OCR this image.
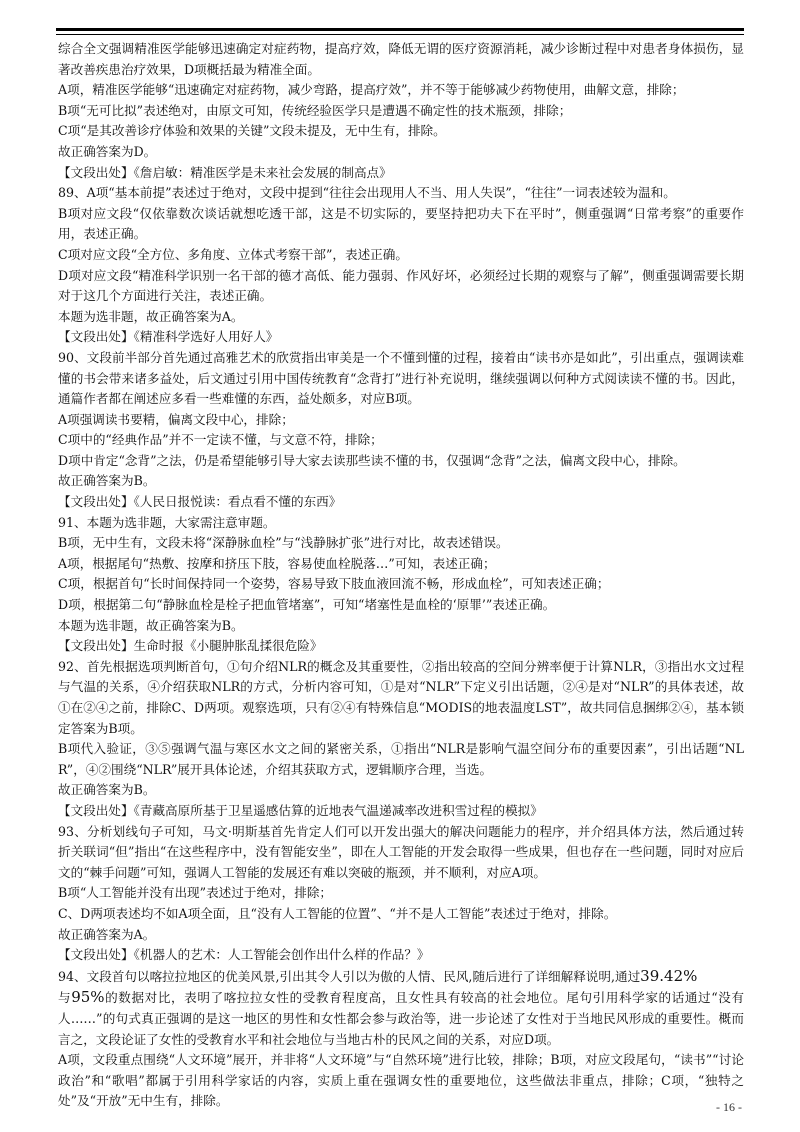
综合全文强调精准医学能够迅速确定对症药物，提高疗效，降低无谓的医疗资源消耗，减少诊断过程中对患者身体损伤，显著改善疾患治疗效果，D项概括最为精准全面。

A项，精准医学能够“迅速确定对症药物，减少弯路，提高疗效”，并不等于能够减少药物使用，曲解文意，排除；

B项“无可比拟”表述绝对，由原文可知，传统经验医学只是遭遇不确定性的技术瓶颈，排除；

C项“是其改善诊疗体验和效果的关键”文段未提及，无中生有，排除。

故正确答案为D。

【文段出处】《詹启敏：精准医学是未来社会发展的制高点》

89、A项“基本前提”表述过于绝对，文段中提到“往往会出现用人不当、用人失误”，“往往”一词表述较为温和。

B项对应文段“仅依靠数次谈话就想吃透干部，这是不切实际的，要坚持把功夫下在平时”，侧重强调“日常考察”的重要作用，表述正确。

C项对应文段“全方位、多角度、立体式考察干部”，表述正确。

D项对应文段“精准科学识别一名干部的德才高低、能力强弱、作风好坏，必须经过长期的观察与了解”，侧重强调需要长期对于这几个方面进行关注，表述正确。

本题为选非题，故正确答案为A。

【文段出处】《精准科学选好人用好人》

90、文段前半部分首先通过高雅艺术的欣赏指出审美是一个不懂到懂的过程，接着由“读书亦是如此”，引出重点，强调读难懂的书会带来诸多益处，后文通过引用中国传统教育“念背打”进行补充说明，继续强调以何种方式阅读读不懂的书。因此，通篇作者都在阐述应多看一些难懂的东西，益处颇多，对应B项。

A项强调读书要精，偏离文段中心，排除；

C项中的“经典作品”并不一定读不懂，与文意不符，排除；

D项中肯定“念背”之法，仍是希望能够引导大家去读那些读不懂的书，仅强调“念背”之法，偏离文段中心，排除。

故正确答案为B。

【文段出处】《人民日报悦读：看点看不懂的东西》

91、本题为选非题，大家需注意审题。

B项，无中生有，文段未将“深静脉血栓”与“浅静脉扩张”进行对比，故表述错误。

A项，根据尾句“热敷、按摩和挤压下肢，容易使血栓脱落…”可知，表述正确；

C项，根据首句“长时间保持同一个姿势，容易导致下肢血液回流不畅，形成血栓”，可知表述正确；

D项，根据第二句“静脉血栓是栓子把血管堵塞”，可知“堵塞性是血栓的‘原罪’”表述正确。

本题为选非题，故正确答案为B。

【文段出处】生命时报《小腿肿胀乱揉很危险》

92、首先根据选项判断首句，①句介绍NLR的概念及其重要性，②指出较高的空间分辨率便于计算NLR，③指出水文过程与气温的关系，④介绍获取NLR的方式，分析内容可知，①是对“NLR”下定义引出话题，②④是对“NLR”的具体表述，故①在②④之前，排除C、D两项。观察选项，只有②④有特殊信息“MODIS的地表温度LST”，故共同信息捆绑②④，基本锁定答案为B项。

B项代入验证，③⑤强调气温与寒区水文之间的紧密关系，①指出“NLR是影响气温空间分布的重要因素”，引出话题“NLR”，④②围绕“NLR”展开具体论述，介绍其获取方式，逻辑顺序合理，当选。

故正确答案为B。

【文段出处】《青藏高原所基于卫星遥感估算的近地表气温递减率改进积雪过程的模拟》

93、分析划线句子可知，马文·明斯基首先肯定人们可以开发出强大的解决问题能力的程序，并介绍具体方法，然后通过转折关联词“但”指出“在这些程序中，没有智能安坐”，即在人工智能的开发会取得一些成果，但也存在一些问题，同时对应后文的“棘手问题”可知，强调人工智能的发展还有难以突破的瓶颈，并不顺利，对应A项。

B项“人工智能并没有出现”表述过于绝对，排除；

C、D两项表述均不如A项全面，且“没有人工智能的位置”、“并不是人工智能”表述过于绝对，排除。

故正确答案为A。

【文段出处】《机器人的艺术：人工智能会创作出什么样的作品？》

94、文段首句以喀拉拉地区的优美风景,引出其令人引以为傲的人情、民风,随后进行了详细解释说明,通过39.42%
与95%的数据对比，表明了喀拉拉女性的受教育程度高，且女性具有较高的社会地位。尾句引用科学家的话通过“没有人……”的句式真正强调的是这一地区的男性和女性都会参与政治等，进一步论述了女性对于当地民风形成的重要性。概而言之，文段论证了女性的受教育水平和社会地位与当地古朴的民风之间的关系，对应D项。

A项，文段重点围绕“人文环境”展开，并非将“人文环境”与“自然环境”进行比较，排除；B项，对应文段尾句，“读书”“讨论政治”和“歌唱”都属于引用科学家话的内容，实质上重在强调女性的重要地位，这些做法非重点，排除；C项，“独特之处”及“开放”无中生有，排除。	- 16 -
